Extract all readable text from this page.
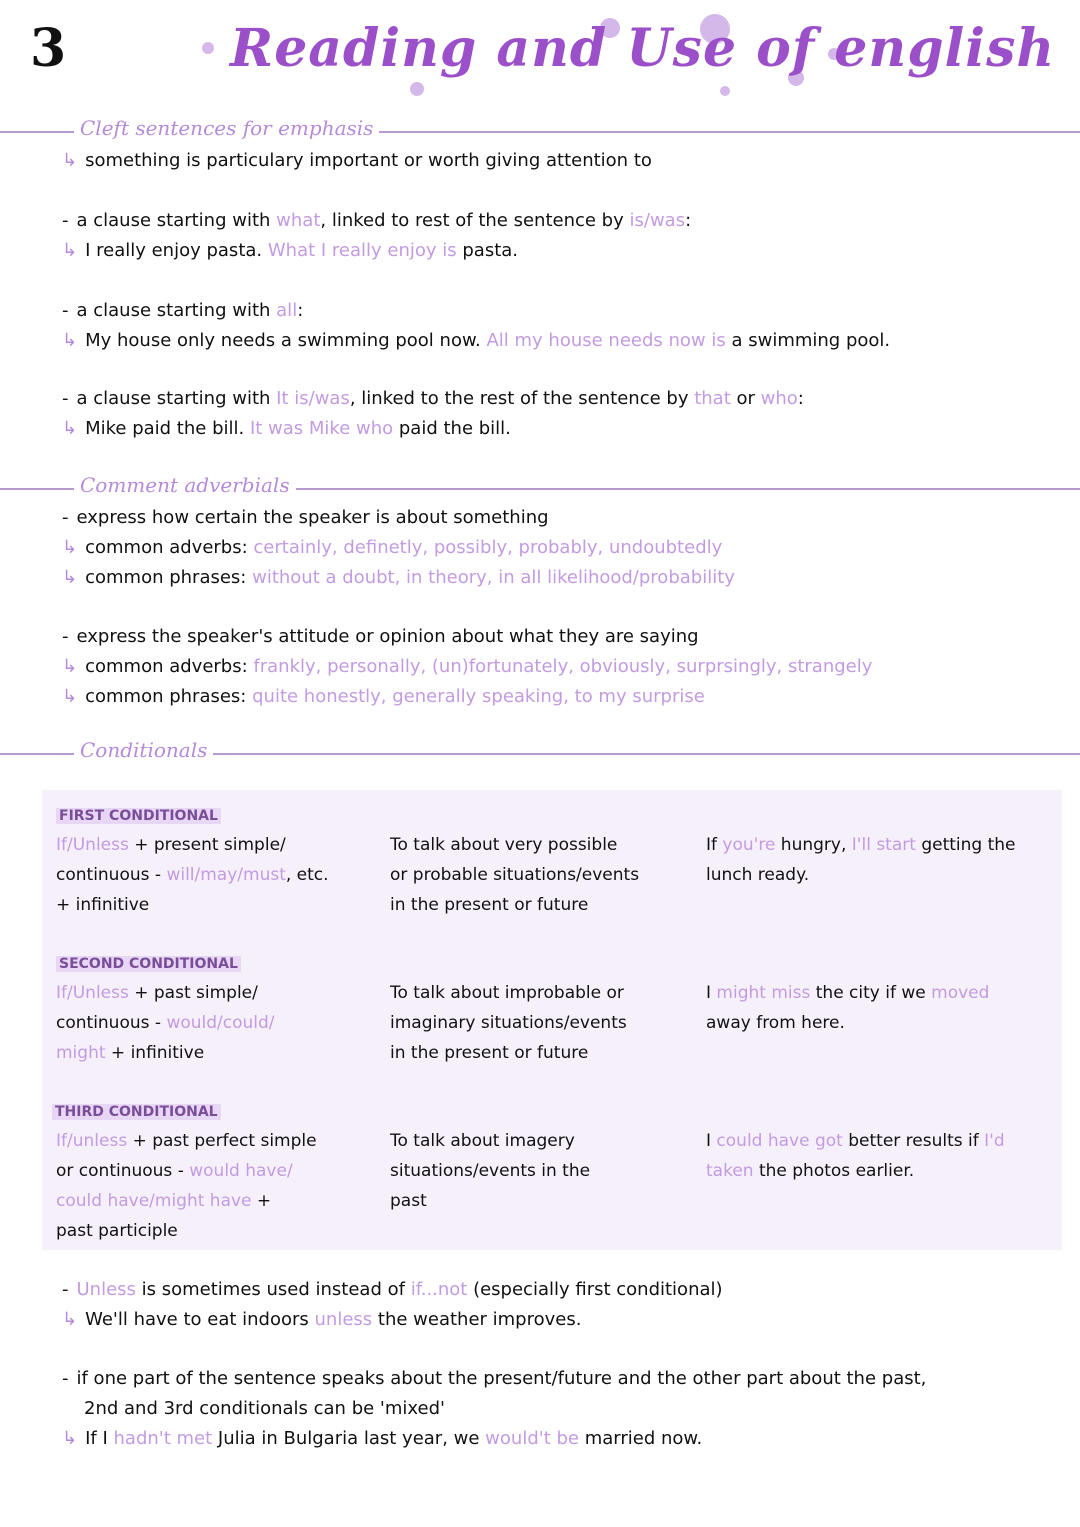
3	Reading and Use of english
Cleft sentences for emphasis
↳ something is particulary important or worth giving attention to
- a clause starting with what, linked to rest of the sentence by is/was:
↳ I really enjoy pasta. What I really enjoy is pasta.
- a clause starting with all:
↳ My house only needs a swimming pool now. All my house needs now is a swimming pool.
- a clause starting with It is/was, linked to the rest of the sentence by that or who:
↳ Mike paid the bill. It was Mike who paid the bill.
Comment adverbials
- express how certain the speaker is about something
↳ common adverbs: certainly, definetly, possibly, probably, undoubtedly
↳ common phrases: without a doubt, in theory, in all likelihood/probability
- express the speaker's attitude or opinion about what they are saying
↳ common adverbs: frankly, personally, (un)fortunately, obviously, surprsingly, strangely
↳ common phrases: quite honestly, generally speaking, to my surprise
Conditionals
FIRST CONDITIONAL
If/Unless + present simple/
continuous - will/may/must, etc.
+ infinitive
To talk about very possible
or probable situations/events
in the present or future
If you're hungry, I'll start getting the
lunch ready.
SECOND CONDITIONAL
If/Unless + past simple/
continuous - would/could/
might + infinitive
To talk about improbable or
imaginary situations/events
in the present or future
I might miss the city if we moved
away from here.
THIRD CONDITIONAL
If/unless + past perfect simple
or continuous - would have/
could have/might have +
past participle
To talk about imagery
situations/events in the
past
I could have got better results if I'd
taken the photos earlier.
- Unless is sometimes used instead of if...not (especially first conditional)
↳ We'll have to eat indoors unless the weather improves.
- if one part of the sentence speaks about the present/future and the other part about the past,
2nd and 3rd conditionals can be 'mixed'
↳ If I hadn't met Julia in Bulgaria last year, we would't be married now.
